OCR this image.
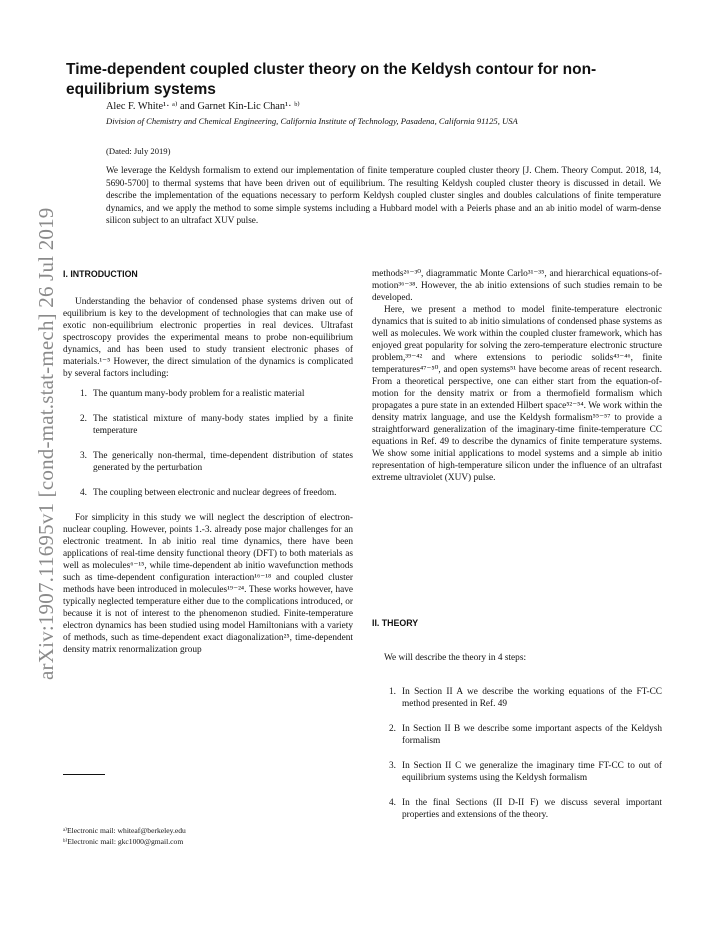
arXiv:1907.11695v1 [cond-mat.stat-mech] 26 Jul 2019
Time-dependent coupled cluster theory on the Keldysh contour for non-equilibrium systems
Alec F. White¹· ᵃ⁾ and Garnet Kin-Lic Chan¹· ᵇ⁾
Division of Chemistry and Chemical Engineering, California Institute of Technology, Pasadena, California 91125, USA
(Dated: July 2019)

We leverage the Keldysh formalism to extend our implementation of finite temperature coupled cluster theory [J. Chem. Theory Comput. 2018, 14, 5690-5700] to thermal systems that have been driven out of equilibrium. The resulting Keldysh coupled cluster theory is discussed in detail. We describe the implementation of the equations necessary to perform Keldysh coupled cluster singles and doubles calculations of finite temperature dynamics, and we apply the method to some simple systems including a Hubbard model with a Peierls phase and an ab initio model of warm-dense silicon subject to an ultrafact XUV pulse.

I. INTRODUCTION

Understanding the behavior of condensed phase systems driven out of equilibrium is key to the development of technologies that can make use of exotic non-equilibrium electronic properties in real devices. Ultrafast spectroscopy provides the experimental means to probe non-equilibrium dynamics, and has been used to study transient electronic phases of materials.¹⁻⁵ However, the direct simulation of the dynamics is complicated by several factors including:

1. The quantum many-body problem for a realistic material
2. The statistical mixture of many-body states implied by a finite temperature
3. The generically non-thermal, time-dependent distribution of states generated by the perturbation
4. The coupling between electronic and nuclear degrees of freedom.

For simplicity in this study we will neglect the description of electron-nuclear coupling. However, points 1.-3. already pose major challenges for an electronic treatment. In ab initio real time dynamics, there have been applications of real-time density functional theory (DFT) to both materials as well as molecules⁶⁻¹⁵, while time-dependent ab initio wavefunction methods such as time-dependent configuration interaction¹⁶⁻¹⁸ and coupled cluster methods have been introduced in molecules¹⁹⁻²⁴. These works however, have typically neglected temperature either due to the complications introduced, or because it is not of interest to the phenomenon studied. Finite-temperature electron dynamics has been studied using model Hamiltonians with a variety of methods, such as time-dependent exact diagonalization²⁵, time-dependent density matrix renormalization group

ᵃ⁾Electronic mail: whiteaf@berkeley.edu
ᵇ⁾Electronic mail: gkc1000@gmail.com

methods²⁶⁻³⁰, diagrammatic Monte Carlo³¹⁻³⁵, and hierarchical equations-of-motion³⁶⁻³⁸. However, the ab initio extensions of such studies remain to be developed.

Here, we present a method to model finite-temperature electronic dynamics that is suited to ab initio simulations of condensed phase systems as well as molecules. We work within the coupled cluster framework, which has enjoyed great popularity for solving the zero-temperature electronic structure problem,³⁹⁻⁴² and where extensions to periodic solids⁴³⁻⁴⁶, finite temperatures⁴⁷⁻⁵⁰, and open systems⁵¹ have become areas of recent research. From a theoretical perspective, one can either start from the equation-of-motion for the density matrix or from a thermofield formalism which propagates a pure state in an extended Hilbert space⁵²⁻⁵⁴. We work within the density matrix language, and use the Keldysh formalism⁵⁵⁻⁵⁷ to provide a straightforward generalization of the imaginary-time finite-temperature CC equations in Ref. 49 to describe the dynamics of finite temperature systems. We show some initial applications to model systems and a simple ab initio representation of high-temperature silicon under the influence of an ultrafast extreme ultraviolet (XUV) pulse.

II. THEORY

We will describe the theory in 4 steps:

1. In Section II A we describe the working equations of the FT-CC method presented in Ref. 49
2. In Section II B we describe some important aspects of the Keldysh formalism
3. In Section II C we generalize the imaginary time FT-CC to out of equilibrium systems using the Keldysh formalism
4. In the final Sections (II D-II F) we discuss several important properties and extensions of the theory.
